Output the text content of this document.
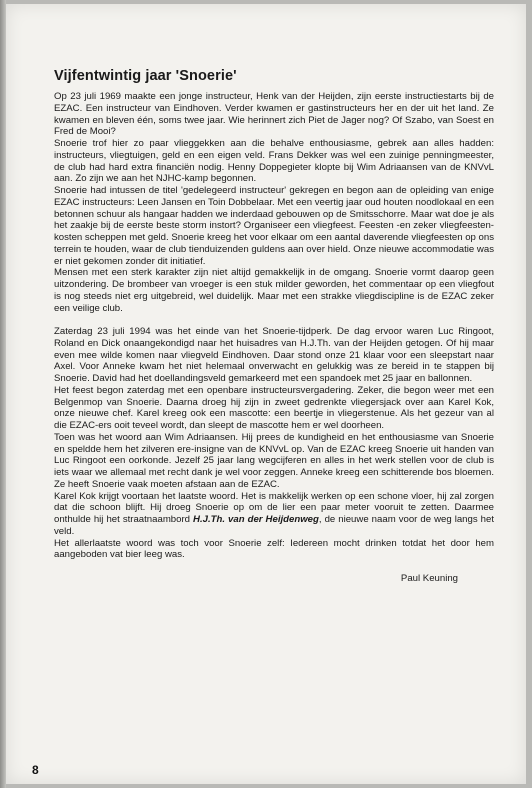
Vijfentwintig jaar 'Snoerie'

Op 23 juli 1969 maakte een jonge instructeur, Henk van der Heijden, zijn eerste instructiestarts bij de EZAC. Een instructeur van Eindhoven. Verder kwamen er gastinstructeurs her en der uit het land. Ze kwamen en bleven één, soms twee jaar. Wie herinnert zich Piet de Jager nog? Of Szabo, van Soest en Fred de Mooi?

Snoerie trof hier zo paar vlieggekken aan die behalve enthousiasme, gebrek aan alles hadden: instructeurs, vliegtuigen, geld en een eigen veld. Frans Dekker was wel een zuinige penningmeester, de club had hard extra financiën nodig. Henny Doppegieter klopte bij Wim Adriaansen van de KNVvL aan. Zo zijn we aan het NJHC-kamp begonnen.

Snoerie had intussen de titel 'gedelegeerd instructeur' gekregen en begon aan de opleiding van enige EZAC instructeurs: Leen Jansen en Toin Dobbelaar. Met een veertig jaar oud houten noodlokaal en een betonnen schuur als hangaar hadden we inderdaad gebouwen op de Smitsschorre. Maar wat doe je als het zaakje bij de eerste beste storm instort? Organiseer een vliegfeest. Feesten -en zeker vliegfeesten- kosten scheppen met geld. Snoerie kreeg het voor elkaar om een aantal daverende vliegfeesten op ons terrein te houden, waar de club tienduizenden guldens aan over hield. Onze nieuwe accommodatie was er niet gekomen zonder dit initiatief.

Mensen met een sterk karakter zijn niet altijd gemakkelijk in de omgang. Snoerie vormt daarop geen uitzondering. De brombeer van vroeger is een stuk milder geworden, het commentaar op een vliegfout is nog steeds niet erg uitgebreid, wel duidelijk. Maar met een strakke vliegdiscipline is de EZAC zeker een veilige club.

Zaterdag 23 juli 1994 was het einde van het Snoerie-tijdperk. De dag ervoor waren Luc Ringoot, Roland en Dick onaangekondigd naar het huisadres van H.J.Th. van der Heijden getogen. Of hij maar even mee wilde komen naar vliegveld Eindhoven. Daar stond onze 21 klaar voor een sleepstart naar Axel. Voor Anneke kwam het niet helemaal onverwacht en gelukkig was ze bereid in te stappen bij Snoerie. David had het doellandingsveld gemarkeerd met een spandoek met 25 jaar en ballonnen.

Het feest begon zaterdag met een openbare instructeursvergadering. Zeker, die begon weer met een Belgenmop van Snoerie. Daarna droeg hij zijn in zweet gedrenkte vliegersjack over aan Karel Kok, onze nieuwe chef. Karel kreeg ook een mascotte: een beertje in vliegerstenue. Als het gezeur van al die EZAC-ers ooit teveel wordt, dan sleept de mascotte hem er wel doorheen.

Toen was het woord aan Wim Adriaansen. Hij prees de kundigheid en het enthousiasme van Snoerie en speldde hem het zilveren ere-insigne van de KNVvL op. Van de EZAC kreeg Snoerie uit handen van Luc Ringoot een oorkonde. Jezelf 25 jaar lang wegcijferen en alles in het werk stellen voor de club is iets waar we allemaal met recht dank je wel voor zeggen. Anneke kreeg een schitterende bos bloemen. Ze heeft Snoerie vaak moeten afstaan aan de EZAC.

Karel Kok krijgt voortaan het laatste woord. Het is makkelijk werken op een schone vloer, hij zal zorgen dat die schoon blijft. Hij droeg Snoerie op om de lier een paar meter vooruit te zetten. Daarmee onthulde hij het straatnaambord H.J.Th. van der Heijdenweg, de nieuwe naam voor de weg langs het veld.

Het allerlaatste woord was toch voor Snoerie zelf: Iedereen mocht drinken totdat het door hem aangeboden vat bier leeg was.

Paul Keuning
8
